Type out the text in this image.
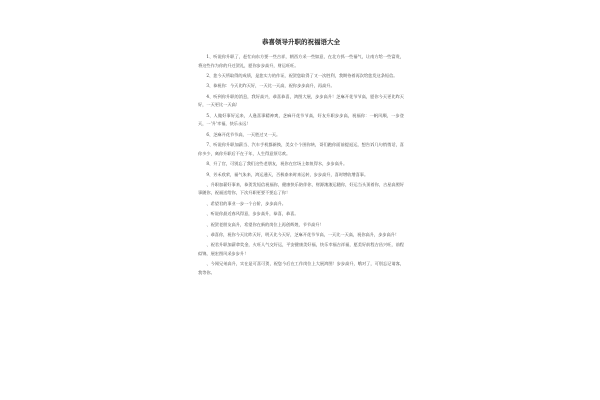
恭喜领导升职的祝福语大全

1、听说你升职了，赶忙向东方要一些吉祥，朝西方采一些如意，在北方抓一些福气，让南方给一些富贵，将这些作为你的升迁贺礼，愿你步步高升，财运旺旺。

2、您今天所取得的成绩，是您实力的作证，祝贺您取得了又一次胜利，我期待着再次给您发这条短信。

3、恭祝你：今天比昨天好，一天比一天高，祝你步步高升，再高升。

4、听到你升职的消息，我好高兴，恭喜恭喜，鸿图大展，步步高升！芝麻开花节节高，愿你今天更比昨天好，一天更比一天高！

5、人做好事好运来，人逢喜事精神爽，芝麻开花节节高，好友升职步步高，祝福你：一帆风顺，一步登天，一'升'幸福，快乐永远！

6、芝麻开花节节高，一天胜过又一天。

7、听说你升职加薪当、汽车手机都新换，美女个个围你转，哥们跑你面前提退运，想告诉几句悄悄话，喜你多少，离你升职后不在于年，人生得意须尽欢。

8、升了官，可别忘了我们这些老朋友，祝你在官场上如鱼得水，步步高升。

9、芳禾欣荣，福气朱来，鸿运通天，否极泰来时来运转，步步高升，喜时增收增喜事。

、升职加薪好事来，恭贺发短信祝福你，健康快乐陪伴你，财源滚滚运随你，好运当头顶着你，吉星高照好事随你，祝福送给你，下次升职更要不要忘了你！

、希望君的事业一步一个台阶，步步高升。

、听说你最近春风得意，步步高升，恭喜，恭喜。

、祝贺老朋友高升，希望你在新的岗位上再创辉煌，节节高升！

、恭喜你，祝你今天比昨天好，明天比今天好，芝麻开花节节高，一天比一天高，祝你高升，步步高升！

、祝君升职加薪拿奖金，火旺人气交好运，平安健康美好福，快乐幸福吉祥福，愿美好前程吉昌兴旺，前程似锦，展宏图风采步步升！

、今闻兄弟高升，实在是可喜可贺，祝您今后在工作岗位上大展鸿图！步步高升，哦对了，可别忘记请客，我等你。
